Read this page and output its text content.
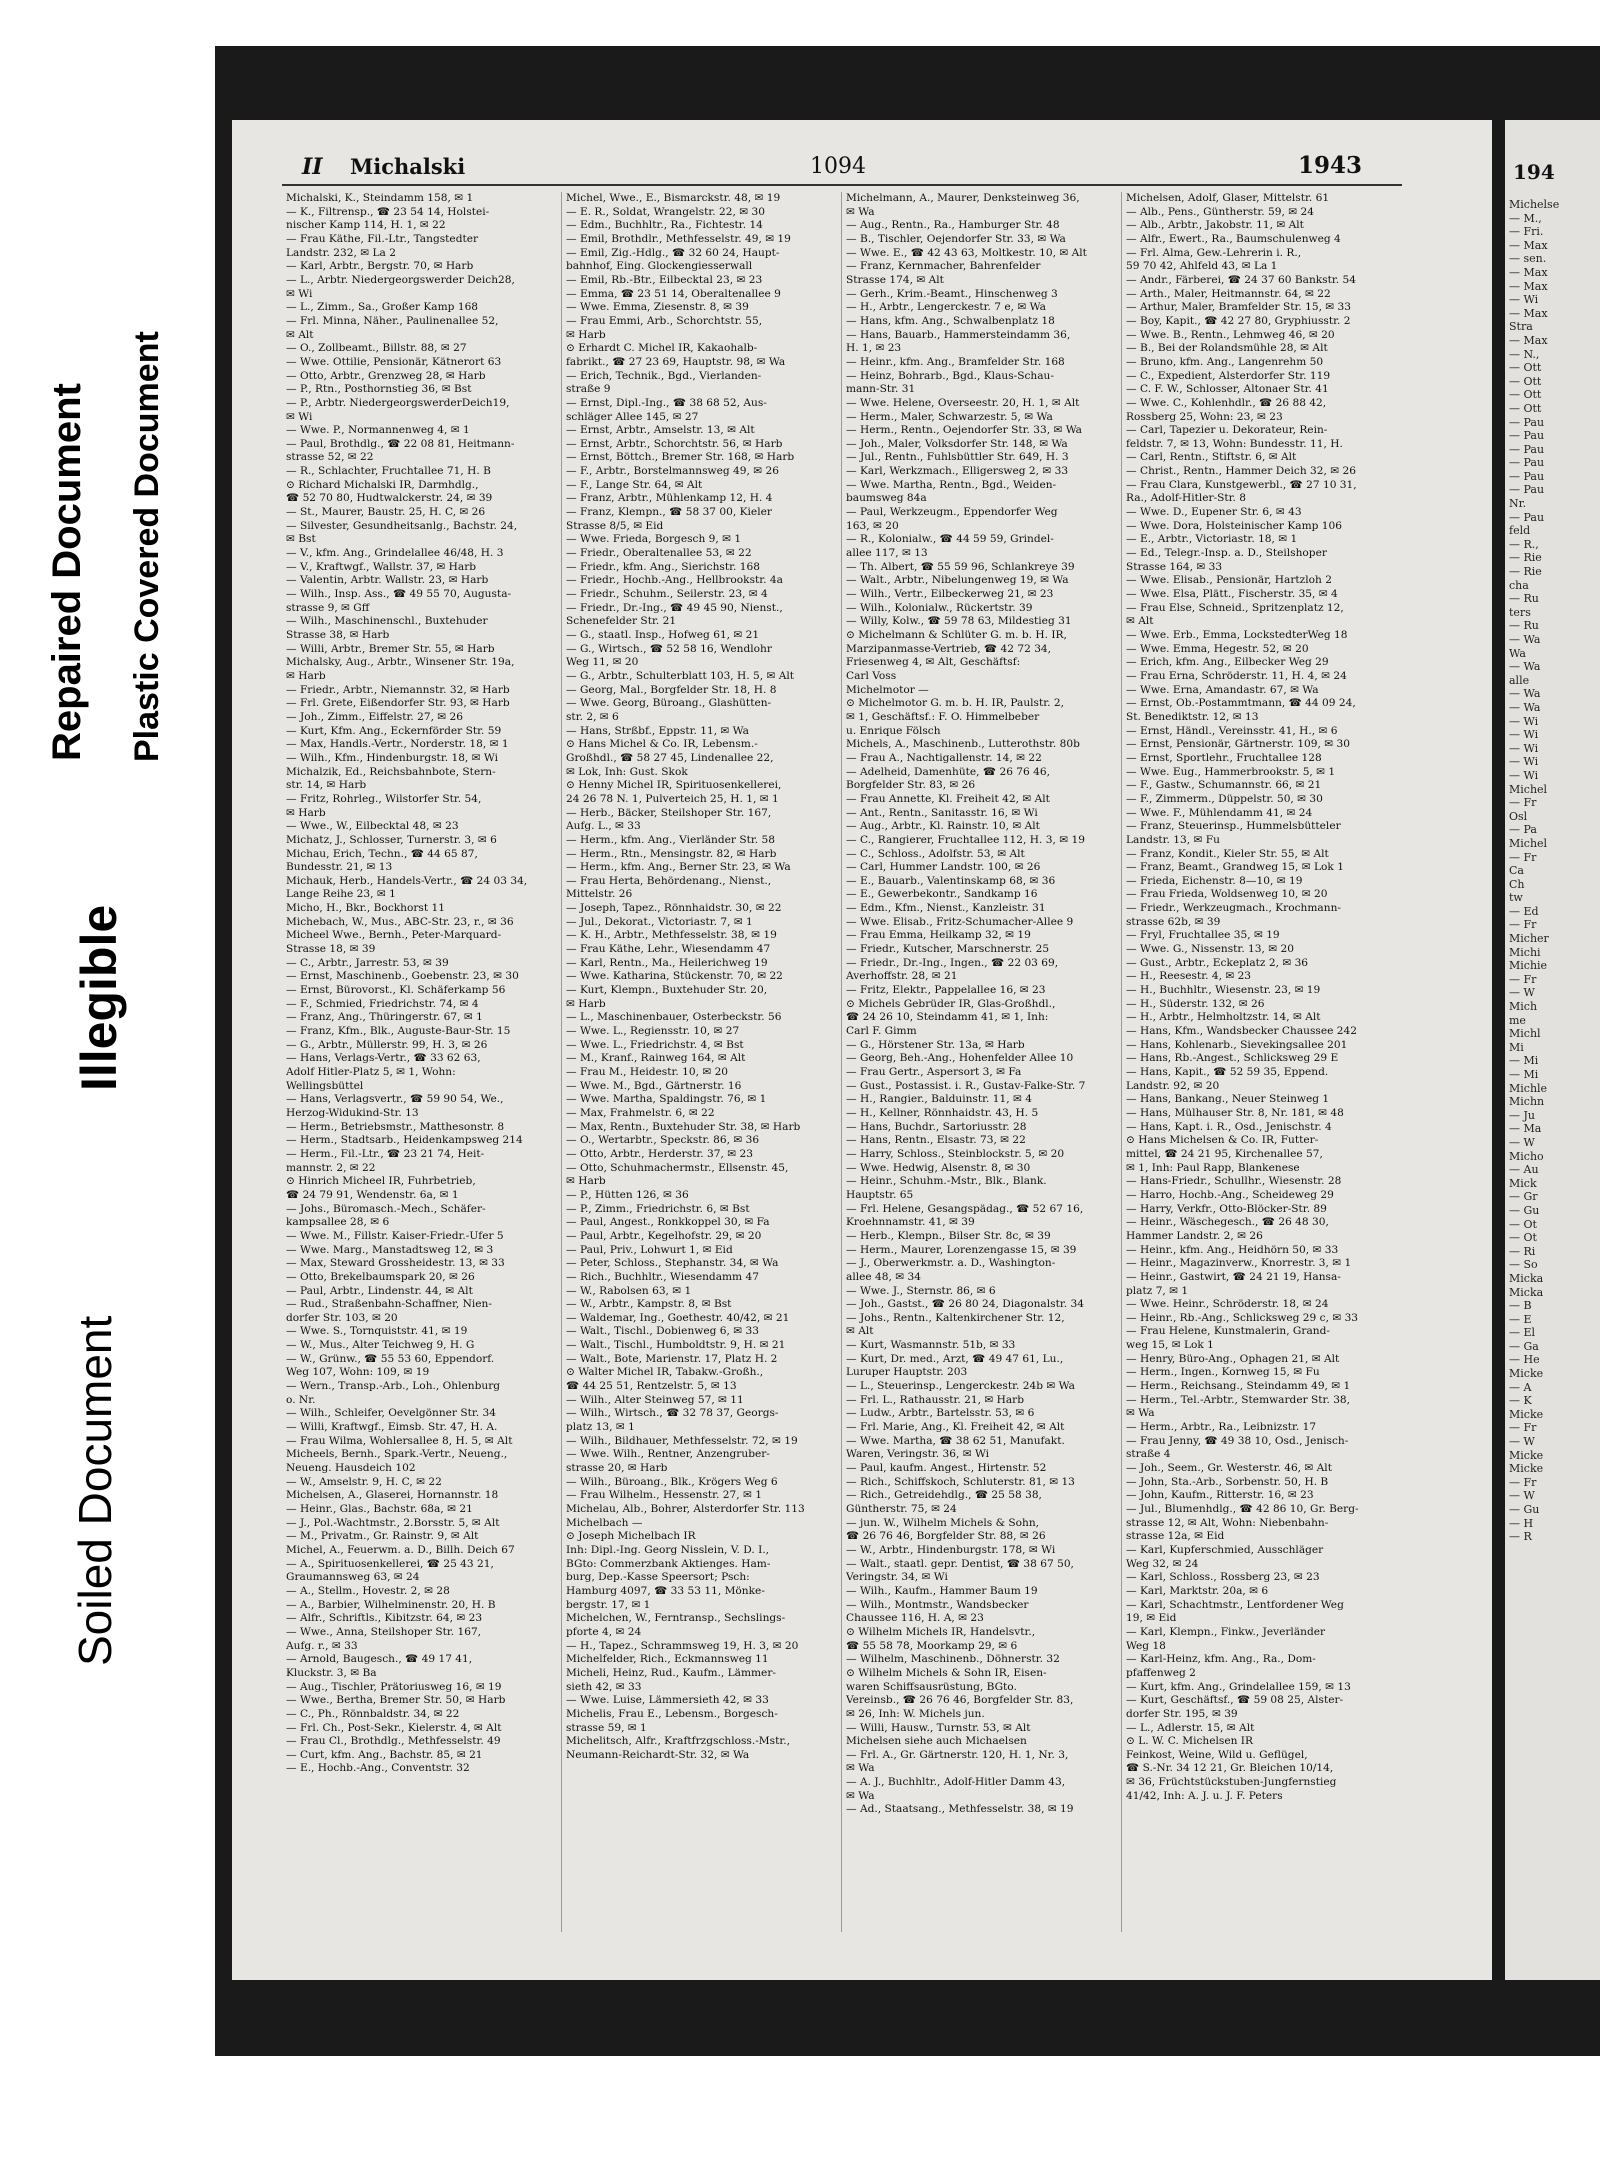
Repaired Document Plastic Covered Document
Illegible
Soiled Document
II Michalski	1094	1943
Michalski, K., Steindamm 158, ✉ 1
— K., Filtrensp., ☎ 23 54 14, Holstei-
nischer Kamp 114, H. 1, ✉ 22
— Frau Käthe, Fil.-Ltr., Tangstedter
Landstr. 232, ✉ La 2
— Karl, Arbtr., Bergstr. 70, ✉ Harb
— L., Arbtr. Niedergeorgswerder Deich28,
✉ Wi
— L., Zimm., Sa., Großer Kamp 168
— Frl. Minna, Näher., Paulinenallee 52,
✉ Alt
— O., Zollbeamt., Billstr. 88, ✉ 27
— Wwe. Ottilie, Pensionär, Kätnerort 63
— Otto, Arbtr., Grenzweg 28, ✉ Harb
— P., Rtn., Posthornstieg 36, ✉ Bst
— P., Arbtr. NiedergeorgswerderDeich19,
✉ Wi
— Wwe. P., Normannenweg 4, ✉ 1
— Paul, Brothdlg., ☎ 22 08 81, Heitmann-
strasse 52, ✉ 22
— R., Schlachter, Fruchtallee 71, H. B
⊙ Richard Michalski IR, Darmhdlg.,
☎ 52 70 80, Hudtwalckerstr. 24, ✉ 39
— St., Maurer, Baustr. 25, H. C, ✉ 26
— Silvester, Gesundheitsanlg., Bachstr. 24,
✉ Bst
— V., kfm. Ang., Grindelallee 46/48, H. 3
— V., Kraftwgf., Wallstr. 37, ✉ Harb
— Valentin, Arbtr. Wallstr. 23, ✉ Harb
— Wilh., Insp. Ass., ☎ 49 55 70, Augusta-
strasse 9, ✉ Gff
— Wilh., Maschinenschl., Buxtehuder
Strasse 38, ✉ Harb
— Willi, Arbtr., Bremer Str. 55, ✉ Harb
Michalsky, Aug., Arbtr., Winsener Str. 19a,
✉ Harb
— Friedr., Arbtr., Niemannstr. 32, ✉ Harb
— Frl. Grete, Eißendorfer Str. 93, ✉ Harb
— Joh., Zimm., Eiffelstr. 27, ✉ 26
— Kurt, Kfm. Ang., Eckernförder Str. 59
— Max, Handls.-Vertr., Norderstr. 18, ✉ 1
— Wilh., Kfm., Hindenburgstr. 18, ✉ Wi
Michalzik, Ed., Reichsbahnbote, Stern-
str. 14, ✉ Harb
— Fritz, Rohrleg., Wilstorfer Str. 54,
✉ Harb
— Wwe., W., Eilbecktal 48, ✉ 23
Michatz, J., Schlosser, Turnerstr. 3, ✉ 6
Michau, Erich, Techn., ☎ 44 65 87,
Bundesstr. 21, ✉ 13
Michauk, Herb., Handels-Vertr., ☎ 24 03 34,
Lange Reihe 23, ✉ 1
Micho, H., Bkr., Bockhorst 11
Michebach, W., Mus., ABC-Str. 23, r., ✉ 36
Micheel Wwe., Bernh., Peter-Marquard-
Strasse 18, ✉ 39
— C., Arbtr., Jarrestr. 53, ✉ 39
— Ernst, Maschinenb., Goebenstr. 23, ✉ 30
— Ernst, Bürovorst., Kl. Schäferkamp 56
— F., Schmied, Friedrichstr. 74, ✉ 4
— Franz, Ang., Thüringerstr. 67, ✉ 1
— Franz, Kfm., Blk., Auguste-Baur-Str. 15
— G., Arbtr., Müllerstr. 99, H. 3, ✉ 26
— Hans, Verlags-Vertr., ☎ 33 62 63,
Adolf Hitler-Platz 5, ✉ 1, Wohn:
Wellingsbüttel
— Hans, Verlagsvertr., ☎ 59 90 54, We.,
Herzog-Widukind-Str. 13
— Herm., Betriebsmstr., Matthesonstr. 8
— Herm., Stadtsarb., Heidenkampsweg 214
— Herm., Fil.-Ltr., ☎ 23 21 74, Heit-
mannstr. 2, ✉ 22
⊙ Hinrich Micheel IR, Fuhrbetrieb,
☎ 24 79 91, Wendenstr. 6a, ✉ 1
— Johs., Büromasch.-Mech., Schäfer-
kampsallee 28, ✉ 6
— Wwe. M., Fillstr. Kaiser-Friedr.-Ufer 5
— Wwe. Marg., Manstadtsweg 12, ✉ 3
— Max, Steward Grossheidestr. 13, ✉ 33
— Otto, Brekelbaumspark 20, ✉ 26
— Paul, Arbtr., Lindenstr. 44, ✉ Alt
— Rud., Straßenbahn-Schaffner, Nien-
dorfer Str. 103, ✉ 20
— Wwe. S., Tornquiststr. 41, ✉ 19
— W., Mus., Alter Teichweg 9, H. G
— W., Grünw., ☎ 55 53 60, Eppendorf.
Weg 107, Wohn: 109, ✉ 19
— Wern., Transp.-Arb., Loh., Ohlenburg
o. Nr.
— Wilh., Schleifer, Oevelgönner Str. 34
— Willi, Kraftwgf., Eimsb. Str. 47, H. A.
— Frau Wilma, Wohlersallee 8, H. 5, ✉ Alt
Micheels, Bernh., Spark.-Vertr., Neueng.,
Neueng. Hausdeich 102
— W., Amselstr. 9, H. C, ✉ 22
Michelsen, A., Glaserei, Hornannstr. 18
— Heinr., Glas., Bachstr. 68a, ✉ 21
— J., Pol.-Wachtmstr., 2.Borsstr. 5, ✉ Alt
— M., Privatm., Gr. Rainstr. 9, ✉ Alt
Michel, A., Feuerwm. a. D., Billh. Deich 67
— A., Spirituosenkellerei, ☎ 25 43 21,
Graumannsweg 63, ✉ 24
— A., Stellm., Hovestr. 2, ✉ 28
— A., Barbier, Wilhelminenstr. 20, H. B
— Alfr., Schriftls., Kibitzstr. 64, ✉ 23
— Wwe., Anna, Steilshoper Str. 167,
Aufg. r., ✉ 33
— Arnold, Baugesch., ☎ 49 17 41,
Kluckstr. 3, ✉ Ba
— Aug., Tischler, Prätoriusweg 16, ✉ 19
— Wwe., Bertha, Bremer Str. 50, ✉ Harb
— C., Ph., Rönnbaldstr. 34, ✉ 22
— Frl. Ch., Post-Sekr., Kielerstr. 4, ✉ Alt
— Frau Cl., Brothdlg., Methfesselstr. 49
— Curt, kfm. Ang., Bachstr. 85, ✉ 21
— E., Hochb.-Ang., Conventstr. 32
Michel, Wwe., E., Bismarckstr. 48, ✉ 19
— E. R., Soldat, Wrangelstr. 22, ✉ 30
— Edm., Buchhltr., Ra., Fichtestr. 14
— Emil, Brothdlr., Methfesselstr. 49, ✉ 19
— Emil, Zig.-Hdlg., ☎ 32 60 24, Haupt-
bahnhof, Eing. Glockengiesserwall
— Emil, Rb.-Btr., Eilbecktal 23, ✉ 23
— Emma, ☎ 23 51 14, Oberaltenallee 9
— Wwe. Emma, Ziesenstr. 8, ✉ 39
— Frau Emmi, Arb., Schorchtstr. 55,
✉ Harb
⊙ Erhardt C. Michel IR, Kakaohalb-
fabrikt., ☎ 27 23 69, Hauptstr. 98, ✉ Wa
— Erich, Technik., Bgd., Vierlanden-
straße 9
— Ernst, Dipl.-Ing., ☎ 38 68 52, Aus-
schläger Allee 145, ✉ 27
— Ernst, Arbtr., Amselstr. 13, ✉ Alt
— Ernst, Arbtr., Schorchtstr. 56, ✉ Harb
— Ernst, Böttch., Bremer Str. 168, ✉ Harb
— F., Arbtr., Borstelmannsweg 49, ✉ 26
— F., Lange Str. 64, ✉ Alt
— Franz, Arbtr., Mühlenkamp 12, H. 4
— Franz, Klempn., ☎ 58 37 00, Kieler
Strasse 8/5, ✉ Eid
— Wwe. Frieda, Borgesch 9, ✉ 1
— Friedr., Oberaltenallee 53, ✉ 22
— Friedr., kfm. Ang., Sierichstr. 168
— Friedr., Hochb.-Ang., Hellbrookstr. 4a
— Friedr., Schuhm., Seilerstr. 23, ✉ 4
— Friedr., Dr.-Ing., ☎ 49 45 90, Nienst.,
Schenefelder Str. 21
— G., staatl. Insp., Hofweg 61, ✉ 21
— G., Wirtsch., ☎ 52 58 16, Wendlohr
Weg 11, ✉ 20
— G., Arbtr., Schulterblatt 103, H. 5, ✉ Alt
— Georg, Mal., Borgfelder Str. 18, H. 8
— Wwe. Georg, Büroang., Glashütten-
str. 2, ✉ 6
— Hans, Strßbf., Eppstr. 11, ✉ Wa
⊙ Hans Michel & Co. IR, Lebensm.-
Großhdl., ☎ 58 27 45, Lindenallee 22,
✉ Lok, Inh: Gust. Skok
⊙ Henny Michel IR, Spirituosenkellerei,
24 26 78 N. 1, Pulverteich 25, H. 1, ✉ 1
— Herb., Bäcker, Steilshoper Str. 167,
Aufg. L., ✉ 33
— Herm., kfm. Ang., Vierländer Str. 58
— Herm., Rtn., Mensingstr. 82, ✉ Harb
— Herm., kfm. Ang., Berner Str. 23, ✉ Wa
— Frau Herta, Behördenang., Nienst.,
Mittelstr. 26
— Joseph, Tapez., Rönnhaidstr. 30, ✉ 22
— Jul., Dekorat., Victoriastr. 7, ✉ 1
— K. H., Arbtr., Methfesselstr. 38, ✉ 19
— Frau Käthe, Lehr., Wiesendamm 47
— Karl, Rentn., Ma., Heilerichweg 19
— Wwe. Katharina, Stückenstr. 70, ✉ 22
— Kurt, Klempn., Buxtehuder Str. 20,
✉ Harb
— L., Maschinenbauer, Osterbeckstr. 56
— Wwe. L., Regiensstr. 10, ✉ 27
— Wwe. L., Friedrichstr. 4, ✉ Bst
— M., Kranf., Rainweg 164, ✉ Alt
— Frau M., Heidestr. 10, ✉ 20
— Wwe. M., Bgd., Gärtnerstr. 16
— Wwe. Martha, Spaldingstr. 76, ✉ 1
— Max, Frahmelstr. 6, ✉ 22
— Max, Rentn., Buxtehuder Str. 38, ✉ Harb
— O., Wertarbtr., Speckstr. 86, ✉ 36
— Otto, Arbtr., Herderstr. 37, ✉ 23
— Otto, Schuhmachermstr., Ellsenstr. 45,
✉ Harb
— P., Hütten 126, ✉ 36
— P., Zimm., Friedrichstr. 6, ✉ Bst
— Paul, Angest., Ronkkoppel 30, ✉ Fa
— Paul, Arbtr., Kegelhofstr. 29, ✉ 20
— Paul, Priv., Lohwurt 1, ✉ Eid
— Peter, Schloss., Stephanstr. 34, ✉ Wa
— Rich., Buchhltr., Wiesendamm 47
— W., Rabolsen 63, ✉ 1
— W., Arbtr., Kampstr. 8, ✉ Bst
— Waldemar, Ing., Goethestr. 40/42, ✉ 21
— Walt., Tischl., Dobienweg 6, ✉ 33
— Walt., Tischl., Humboldtstr. 9, H. ✉ 21
— Walt., Bote, Marienstr. 17, Platz H. 2
⊙ Walter Michel IR, Tabakw.-Großh.,
☎ 44 25 51, Rentzelstr. 5, ✉ 13
— Wilh., Alter Steinweg 57, ✉ 11
— Wilh., Wirtsch., ☎ 32 78 37, Georgs-
platz 13, ✉ 1
— Wilh., Bildhauer, Methfesselstr. 72, ✉ 19
— Wwe. Wilh., Rentner, Anzengruber-
strasse 20, ✉ Harb
— Wilh., Büroang., Blk., Krögers Weg 6
— Frau Wilhelm., Hessenstr. 27, ✉ 1
Michelau, Alb., Bohrer, Alsterdorfer Str. 113
Michelbach —
⊙ Joseph Michelbach IR
Inh: Dipl.-Ing. Georg Nisslein, V. D. I.,
BGto: Commerzbank Aktienges. Ham-
burg, Dep.-Kasse Speersort; Psch:
Hamburg 4097, ☎ 33 53 11, Mönke-
bergstr. 17, ✉ 1
Michelchen, W., Ferntransp., Sechslings-
pforte 4, ✉ 24
— H., Tapez., Schrammsweg 19, H. 3, ✉ 20
Michelfelder, Rich., Eckmannsweg 11
Micheli, Heinz, Rud., Kaufm., Lämmer-
sieth 42, ✉ 33
— Wwe. Luise, Lämmersieth 42, ✉ 33
Michelis, Frau E., Lebensm., Borgesch-
strasse 59, ✉ 1
Michelitsch, Alfr., Kraftfrzgschloss.-Mstr.,
Neumann-Reichardt-Str. 32, ✉ Wa
Michelmann, A., Maurer, Denksteinweg 36,
✉ Wa
— Aug., Rentn., Ra., Hamburger Str. 48
— B., Tischler, Oejendorfer Str. 33, ✉ Wa
— Wwe. E., ☎ 42 43 63, Moltkestr. 10, ✉ Alt
— Franz, Kernmacher, Bahrenfelder
Strasse 174, ✉ Alt
— Gerh., Krim.-Beamt., Hinschenweg 3
— H., Arbtr., Lengerckestr. 7 e, ✉ Wa
— Hans, kfm. Ang., Schwalbenplatz 18
— Hans, Bauarb., Hammersteindamm 36,
H. 1, ✉ 23
— Heinr., kfm. Ang., Bramfelder Str. 168
— Heinz, Bohrarb., Bgd., Klaus-Schau-
mann-Str. 31
— Wwe. Helene, Overseestr. 20, H. 1, ✉ Alt
— Herm., Maler, Schwarzestr. 5, ✉ Wa
— Herm., Rentn., Oejendorfer Str. 33, ✉ Wa
— Joh., Maler, Volksdorfer Str. 148, ✉ Wa
— Jul., Rentn., Fuhlsbüttler Str. 649, H. 3
— Karl, Werkzmach., Elligersweg 2, ✉ 33
— Wwe. Martha, Rentn., Bgd., Weiden-
baumsweg 84a
— Paul, Werkzeugm., Eppendorfer Weg
163, ✉ 20
— R., Kolonialw., ☎ 44 59 59, Grindel-
allee 117, ✉ 13
— Th. Albert, ☎ 55 59 96, Schlankreye 39
— Walt., Arbtr., Nibelungenweg 19, ✉ Wa
— Wilh., Vertr., Eilbeckerweg 21, ✉ 23
— Wilh., Kolonialw., Rückertstr. 39
— Willy, Kolw., ☎ 59 78 63, Mildestieg 31
⊙ Michelmann & Schlüter G. m. b. H. IR,
Marzipanmasse-Vertrieb, ☎ 42 72 34,
Friesenweg 4, ✉ Alt, Geschäftsf:
Carl Voss
Michelmotor —
⊙ Michelmotor G. m. b. H. IR, Paulstr. 2,
✉ 1, Geschäftsf.: F. O. Himmelbeber
u. Enrique Fölsch
Michels, A., Maschinenb., Lutterothstr. 80b
— Frau A., Nachtigallenstr. 14, ✉ 22
— Adelheid, Damenhüte, ☎ 26 76 46,
Borgfelder Str. 83, ✉ 26
— Frau Annette, Kl. Freiheit 42, ✉ Alt
— Ant., Rentn., Sanitasstr. 16, ✉ Wi
— Aug., Arbtr., Kl. Rainstr. 10, ✉ Alt
— C., Rangierer, Fruchtallee 112, H. 3, ✉ 19
— C., Schloss., Adolfstr. 53, ✉ Alt
— Carl, Hummer Landstr. 100, ✉ 26
— E., Bauarb., Valentinskamp 68, ✉ 36
— E., Gewerbekontr., Sandkamp 16
— Edm., Kfm., Nienst., Kanzleistr. 31
— Wwe. Elisab., Fritz-Schumacher-Allee 9
— Frau Emma, Heilkamp 32, ✉ 19
— Friedr., Kutscher, Marschnerstr. 25
— Friedr., Dr.-Ing., Ingen., ☎ 22 03 69,
Averhoffstr. 28, ✉ 21
— Fritz, Elektr., Pappelallee 16, ✉ 23
⊙ Michels Gebrüder IR, Glas-Großhdl.,
☎ 24 26 10, Steindamm 41, ✉ 1, Inh:
Carl F. Gimm
— G., Hörstener Str. 13a, ✉ Harb
— Georg, Beh.-Ang., Hohenfelder Allee 10
— Frau Gertr., Aspersort 3, ✉ Fa
— Gust., Postassist. i. R., Gustav-Falke-Str. 7
— H., Rangier., Balduinstr. 11, ✉ 4
— H., Kellner, Rönnhaidstr. 43, H. 5
— Hans, Buchdr., Sartoriusstr. 28
— Hans, Rentn., Elsastr. 73, ✉ 22
— Harry, Schloss., Steinblockstr. 5, ✉ 20
— Wwe. Hedwig, Alsenstr. 8, ✉ 30
— Heinr., Schuhm.-Mstr., Blk., Blank.
Hauptstr. 65
— Frl. Helene, Gesangspädag., ☎ 52 67 16,
Kroehnnamstr. 41, ✉ 39
— Herb., Klempn., Bilser Str. 8c, ✉ 39
— Herm., Maurer, Lorenzengasse 15, ✉ 39
— J., Oberwerkmstr. a. D., Washington-
allee 48, ✉ 34
— Wwe. J., Sternstr. 86, ✉ 6
— Joh., Gastst., ☎ 26 80 24, Diagonalstr. 34
— Johs., Rentn., Kaltenkirchener Str. 12,
✉ Alt
— Kurt, Wasmannstr. 51b, ✉ 33
— Kurt, Dr. med., Arzt, ☎ 49 47 61, Lu.,
Luruper Hauptstr. 203
— L., Steuerinsp., Lengerckestr. 24b ✉ Wa
— Frl. L., Rathausstr. 21, ✉ Harb
— Ludw., Arbtr., Bartelsstr. 53, ✉ 6
— Frl. Marie, Ang., Kl. Freiheit 42, ✉ Alt
— Wwe. Martha, ☎ 38 62 51, Manufakt.
Waren, Veringstr. 36, ✉ Wi
— Paul, kaufm. Angest., Hirtenstr. 52
— Rich., Schiffskoch, Schluterstr. 81, ✉ 13
— Rich., Getreidehdlg., ☎ 25 58 38,
Güntherstr. 75, ✉ 24
— jun. W., Wilhelm Michels & Sohn,
☎ 26 76 46, Borgfelder Str. 88, ✉ 26
— W., Arbtr., Hindenburgstr. 178, ✉ Wi
— Walt., staatl. gepr. Dentist, ☎ 38 67 50,
Veringstr. 34, ✉ Wi
— Wilh., Kaufm., Hammer Baum 19
— Wilh., Montmstr., Wandsbecker
Chaussee 116, H. A, ✉ 23
⊙ Wilhelm Michels IR, Handelsvtr.,
☎ 55 58 78, Moorkamp 29, ✉ 6
— Wilhelm, Maschinenb., Döhnerstr. 32
⊙ Wilhelm Michels & Sohn IR, Eisen-
waren Schiffsausrüstung, BGto.
Vereinsb., ☎ 26 76 46, Borgfelder Str. 83,
✉ 26, Inh: W. Michels jun.
— Willi, Hausw., Turnstr. 53, ✉ Alt
Michelsen siehe auch Michaelsen
— Frl. A., Gr. Gärtnerstr. 120, H. 1, Nr. 3,
✉ Wa
— A. J., Buchhltr., Adolf-Hitler Damm 43,
✉ Wa
— Ad., Staatsang., Methfesselstr. 38, ✉ 19
Michelsen, Adolf, Glaser, Mittelstr. 61
— Alb., Pens., Güntherstr. 59, ✉ 24
— Alb., Arbtr., Jakobstr. 11, ✉ Alt
— Alfr., Ewert., Ra., Baumschulenweg 4
— Frl. Alma, Gew.-Lehrerin i. R.,
59 70 42, Ahlfeld 43, ✉ La 1
— Andr., Färberei, ☎ 24 37 60 Bankstr. 54
— Arth., Maler, Heitmannstr. 64, ✉ 22
— Arthur, Maler, Bramfelder Str. 15, ✉ 33
— Boy, Kapit., ☎ 42 27 80, Gryphiusstr. 2
— Wwe. B., Rentn., Lehmweg 46, ✉ 20
— B., Bei der Rolandsmühle 28, ✉ Alt
— Bruno, kfm. Ang., Langenrehm 50
— C., Expedient, Alsterdorfer Str. 119
— C. F. W., Schlosser, Altonaer Str. 41
— Wwe. C., Kohlenhdlr., ☎ 26 88 42,
Rossberg 25, Wohn: 23, ✉ 23
— Carl, Tapezier u. Dekorateur, Rein-
feldstr. 7, ✉ 13, Wohn: Bundesstr. 11, H.
— Carl, Rentn., Stiftstr. 6, ✉ Alt
— Christ., Rentn., Hammer Deich 32, ✉ 26
— Frau Clara, Kunstgewerbl., ☎ 27 10 31,
Ra., Adolf-Hitler-Str. 8
— Wwe. D., Eupener Str. 6, ✉ 43
— Wwe. Dora, Holsteinischer Kamp 106
— E., Arbtr., Victoriastr. 18, ✉ 1
— Ed., Telegr.-Insp. a. D., Steilshoper
Strasse 164, ✉ 33
— Wwe. Elisab., Pensionär, Hartzloh 2
— Wwe. Elsa, Plätt., Fischerstr. 35, ✉ 4
— Frau Else, Schneid., Spritzenplatz 12,
✉ Alt
— Wwe. Erb., Emma, LockstedterWeg 18
— Wwe. Emma, Hegestr. 52, ✉ 20
— Erich, kfm. Ang., Eilbecker Weg 29
— Frau Erna, Schröderstr. 11, H. 4, ✉ 24
— Wwe. Erna, Amandastr. 67, ✉ Wa
— Ernst, Ob.-Postammtmann, ☎ 44 09 24,
St. Benediktstr. 12, ✉ 13
— Ernst, Händl., Vereinsstr. 41, H., ✉ 6
— Ernst, Pensionär, Gärtnerstr. 109, ✉ 30
— Ernst, Sportlehr., Fruchtallee 128
— Wwe. Eug., Hammerbrookstr. 5, ✉ 1
— F., Gastw., Schumannstr. 66, ✉ 21
— F., Zimmerm., Düppelstr. 50, ✉ 30
— Wwe. F., Mühlendamm 41, ✉ 24
— Franz, Steuerinsp., Hummelsbütteler
Landstr. 13, ✉ Fu
— Franz, Kondit., Kieler Str. 55, ✉ Alt
— Franz, Beamt., Grandweg 15, ✉ Lok 1
— Frieda, Eichenstr. 8—10, ✉ 19
— Frau Frieda, Woldsenweg 10, ✉ 20
— Friedr., Werkzeugmach., Krochmann-
strasse 62b, ✉ 39
— Fryl, Fruchtallee 35, ✉ 19
— Wwe. G., Nissenstr. 13, ✉ 20
— Gust., Arbtr., Eckeplatz 2, ✉ 36
— H., Reesestr. 4, ✉ 23
— H., Buchhltr., Wiesenstr. 23, ✉ 19
— H., Süderstr. 132, ✉ 26
— H., Arbtr., Helmholtzstr. 14, ✉ Alt
— Hans, Kfm., Wandsbecker Chaussee 242
— Hans, Kohlenarb., Sievekingsallee 201
— Hans, Rb.-Angest., Schlicksweg 29 E
— Hans, Kapit., ☎ 52 59 35, Eppend.
Landstr. 92, ✉ 20
— Hans, Bankang., Neuer Steinweg 1
— Hans, Mülhauser Str. 8, Nr. 181, ✉ 48
— Hans, Kapt. i. R., Osd., Jenischstr. 4
⊙ Hans Michelsen & Co. IR, Futter-
mittel, ☎ 24 21 95, Kirchenallee 57,
✉ 1, Inh: Paul Rapp, Blankenese
— Hans-Friedr., Schullhr., Wiesenstr. 28
— Harro, Hochb.-Ang., Scheideweg 29
— Harry, Verkfr., Otto-Blöcker-Str. 89
— Heinr., Wäschegesch., ☎ 26 48 30,
Hammer Landstr. 2, ✉ 26
— Heinr., kfm. Ang., Heidhörn 50, ✉ 33
— Heinr., Magazinverw., Knorrestr. 3, ✉ 1
— Heinr., Gastwirt, ☎ 24 21 19, Hansa-
platz 7, ✉ 1
— Wwe. Heinr., Schröderstr. 18, ✉ 24
— Heinr., Rb.-Ang., Schlicksweg 29 c, ✉ 33
— Frau Helene, Kunstmalerin, Grand-
weg 15, ✉ Lok 1
— Henry, Büro-Ang., Ophagen 21, ✉ Alt
— Herm., Ingen., Kornweg 15, ✉ Fu
— Herm., Reichsang., Steindamm 49, ✉ 1
— Herm., Tel.-Arbtr., Stemwarder Str. 38,
✉ Wa
— Herm., Arbtr., Ra., Leibnizstr. 17
— Frau Jenny, ☎ 49 38 10, Osd., Jenisch-
straße 4
— Joh., Seem., Gr. Westerstr. 46, ✉ Alt
— John, Sta.-Arb., Sorbenstr. 50, H. B
— John, Kaufm., Ritterstr. 16, ✉ 23
— Jul., Blumenhdlg., ☎ 42 86 10, Gr. Berg-
strasse 12, ✉ Alt, Wohn: Niebenbahn-
strasse 12a, ✉ Eid
— Karl, Kupferschmied, Ausschläger
Weg 32, ✉ 24
— Karl, Schloss., Rossberg 23, ✉ 23
— Karl, Marktstr. 20a, ✉ 6
— Karl, Schachtmstr., Lentfordener Weg
19, ✉ Eid
— Karl, Klempn., Finkw., Jeverländer
Weg 18
— Karl-Heinz, kfm. Ang., Ra., Dom-
pfaffenweg 2
— Kurt, kfm. Ang., Grindelallee 159, ✉ 13
— Kurt, Geschäftsf., ☎ 59 08 25, Alster-
dorfer Str. 195, ✉ 39
— L., Adlerstr. 15, ✉ Alt
⊙ L. W. C. Michelsen IR
Feinkost, Weine, Wild u. Geflügel,
☎ S.-Nr. 34 12 21, Gr. Bleichen 10/14,
✉ 36, Früchtstückstuben-Jungfernstieg
41/42, Inh: A. J. u. J. F. Peters
194
Michelse
— M.,
— Fri.
— Max
— sen.
— Max
— Max
— Wi
— Max
Stra
— Max
— N.,
— Ott
— Ott
— Ott
— Ott
— Pau
— Pau
— Pau
— Pau
— Pau
— Pau
Nr.
— Pau
feld
— R.,
— Rie
— Rie
cha
— Ru
ters
— Ru
— Wa
Wa
— Wa
alle
— Wa
— Wa
— Wi
— Wi
— Wi
— Wi
— Wi
Michel
— Fr
Osl
— Pa
Michel
— Fr
Ca
Ch
tw
— Ed
— Fr
Micher
Michi
Michie
— Fr
— W
Mich
me
Michl
Mi
— Mi
— Mi
Michle
Michn
— Ju
— Ma
— W
Micho
— Au
Mick
— Gr
— Gu
— Ot
— Ot
— Ri
— So
Micka
Micka
— B
— E
— El
— Ga
— He
Micke
— A
— K
Micke
— Fr
— W
Micke
Micke
— Fr
— W
— Gu
— H
— R
